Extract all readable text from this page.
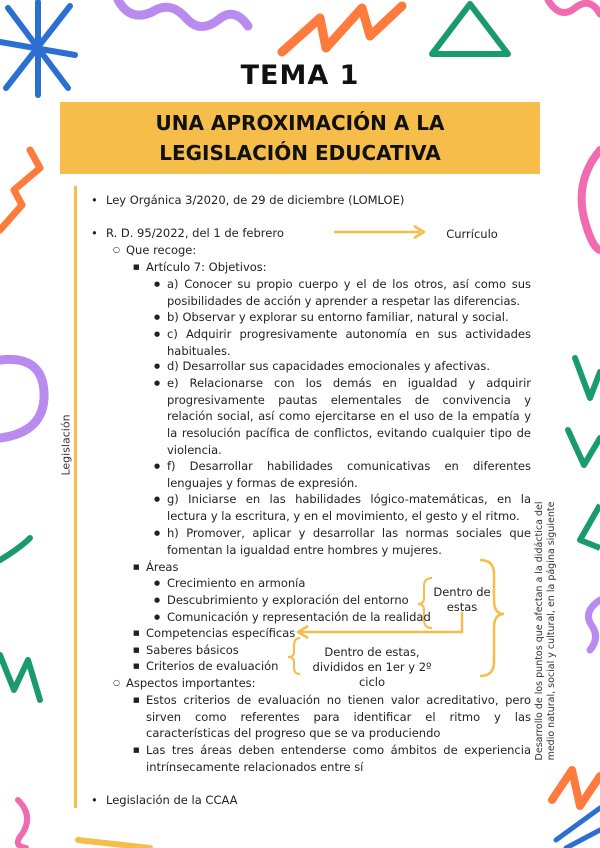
TEMA 1
UNA APROXIMACIÓN A LA
LEGISLACIÓN EDUCATIVA
Legislación
• Ley Orgánica 3/2020, de 29 de diciembre (LOMLOE)
• R. D. 95/2022, del 1 de febrero
○ Que recoge:
■ Artículo 7: Objetivos:
● a) Conocer su propio cuerpo y el de los otros, así como sus posibilidades de acción y aprender a respetar las diferencias.
● b) Observar y explorar su entorno familiar, natural y social.
● c) Adquirir progresivamente autonomía en sus actividades habituales.
● d) Desarrollar sus capacidades emocionales y afectivas.
● e) Relacionarse con los demás en igualdad y adquirir progresivamente pautas elementales de convivencia y relación social, así como ejercitarse en el uso de la empatía y la resolución pacífica de conflictos, evitando cualquier tipo de violencia.
● f) Desarrollar habilidades comunicativas en diferentes lenguajes y formas de expresión.
● g) Iniciarse en las habilidades lógico-matemáticas, en la lectura y la escritura, y en el movimiento, el gesto y el ritmo.
● h) Promover, aplicar y desarrollar las normas sociales que fomentan la igualdad entre hombres y mujeres.
■ Áreas
● Crecimiento en armonía
● Descubrimiento y exploración del entorno
● Comunicación y representación de la realidad
■ Competencias específicas
■ Saberes básicos
■ Criterios de evaluación
○ Aspectos importantes:
■ Estos criterios de evaluación no tienen valor acreditativo, pero sirven como referentes para identificar el ritmo y las características del progreso que se va produciendo
■ Las tres áreas deben entenderse como ámbitos de experiencia intrínsecamente relacionados entre sí
• Legislación de la CCAA
Currículo
Dentro de estas
Dentro de estas, divididos en 1er y 2º ciclo	Desarrollo de los puntos que afectan a la didáctica del medio natural, social y cultural, en la página siguiente
